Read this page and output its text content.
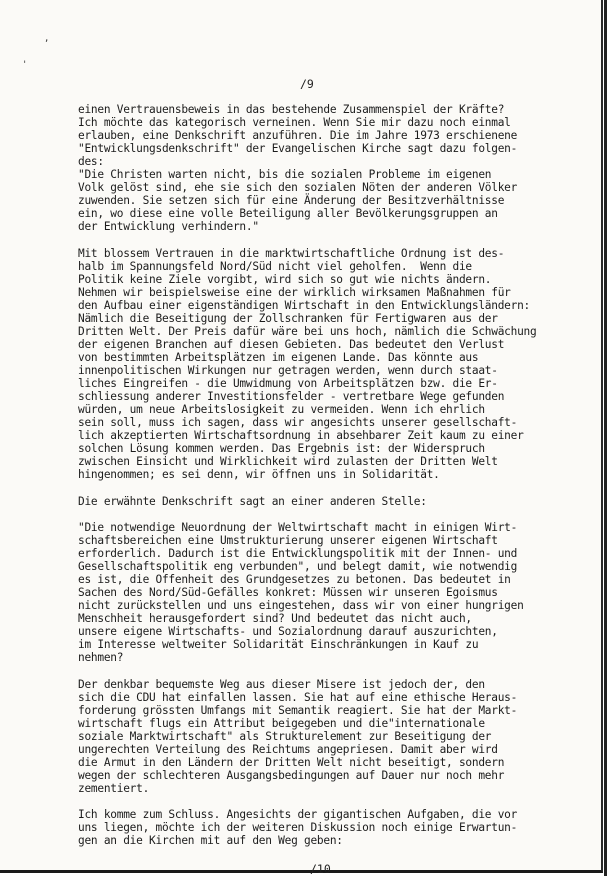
,
'
/9
einen Vertrauensbeweis in das bestehende Zusammenspiel der Kräfte?
Ich möchte das kategorisch verneinen. Wenn Sie mir dazu noch einmal
erlauben, eine Denkschrift anzuführen. Die im Jahre 1973 erschienene
"Entwicklungsdenkschrift" der Evangelischen Kirche sagt dazu folgen-
des:
"Die Christen warten nicht, bis die sozialen Probleme im eigenen
Volk gelöst sind, ehe sie sich den sozialen Nöten der anderen Völker
zuwenden. Sie setzen sich für eine Änderung der Besitzverhältnisse
ein, wo diese eine volle Beteiligung aller Bevölkerungsgruppen an
der Entwicklung verhindern."
Mit blossem Vertrauen in die marktwirtschaftliche Ordnung ist des-
halb im Spannungsfeld Nord/Süd nicht viel geholfen.  Wenn die
Politik keine Ziele vorgibt, wird sich so gut wie nichts ändern.
Nehmen wir beispielsweise eine der wirklich wirksamen Maßnahmen für
den Aufbau einer eigenständigen Wirtschaft in den Entwicklungsländern:
Nämlich die Beseitigung der Zollschranken für Fertigwaren aus der
Dritten Welt. Der Preis dafür wäre bei uns hoch, nämlich die Schwächung
der eigenen Branchen auf diesen Gebieten. Das bedeutet den Verlust
von bestimmten Arbeitsplätzen im eigenen Lande. Das könnte aus
innenpolitischen Wirkungen nur getragen werden, wenn durch staat-
liches Eingreifen - die Umwidmung von Arbeitsplätzen bzw. die Er-
schliessung anderer Investitionsfelder - vertretbare Wege gefunden
würden, um neue Arbeitslosigkeit zu vermeiden. Wenn ich ehrlich
sein soll, muss ich sagen, dass wir angesichts unserer gesellschaft-
lich akzeptierten Wirtschaftsordnung in absehbarer Zeit kaum zu einer
solchen Lösung kommen werden. Das Ergebnis ist: der Widerspruch
zwischen Einsicht und Wirklichkeit wird zulasten der Dritten Welt
hingenommen; es sei denn, wir öffnen uns in Solidarität.
Die erwähnte Denkschrift sagt an einer anderen Stelle:
"Die notwendige Neuordnung der Weltwirtschaft macht in einigen Wirt-
schaftsbereichen eine Umstrukturierung unserer eigenen Wirtschaft
erforderlich. Dadurch ist die Entwicklungspolitik mit der Innen- und
Gesellschaftspolitik eng verbunden", und belegt damit, wie notwendig
es ist, die Offenheit des Grundgesetzes zu betonen. Das bedeutet in
Sachen des Nord/Süd-Gefälles konkret: Müssen wir unseren Egoismus
nicht zurückstellen und uns eingestehen, dass wir von einer hungrigen
Menschheit herausgefordert sind? Und bedeutet das nicht auch,
unsere eigene Wirtschafts- und Sozialordnung darauf auszurichten,
im Interesse weltweiter Solidarität Einschränkungen in Kauf zu
nehmen?
Der denkbar bequemste Weg aus dieser Misere ist jedoch der, den
sich die CDU hat einfallen lassen. Sie hat auf eine ethische Heraus-
forderung grössten Umfangs mit Semantik reagiert. Sie hat der Markt-
wirtschaft flugs ein Attribut beigegeben und die"internationale
soziale Marktwirtschaft" als Strukturelement zur Beseitigung der
ungerechten Verteilung des Reichtums angepriesen. Damit aber wird
die Armut in den Ländern der Dritten Welt nicht beseitigt, sondern
wegen der schlechteren Ausgangsbedingungen auf Dauer nur noch mehr
zementiert.
Ich komme zum Schluss. Angesichts der gigantischen Aufgaben, die vor
uns liegen, möchte ich der weiteren Diskussion noch einige Erwartun-
gen an die Kirchen mit auf den Weg geben:
/10
